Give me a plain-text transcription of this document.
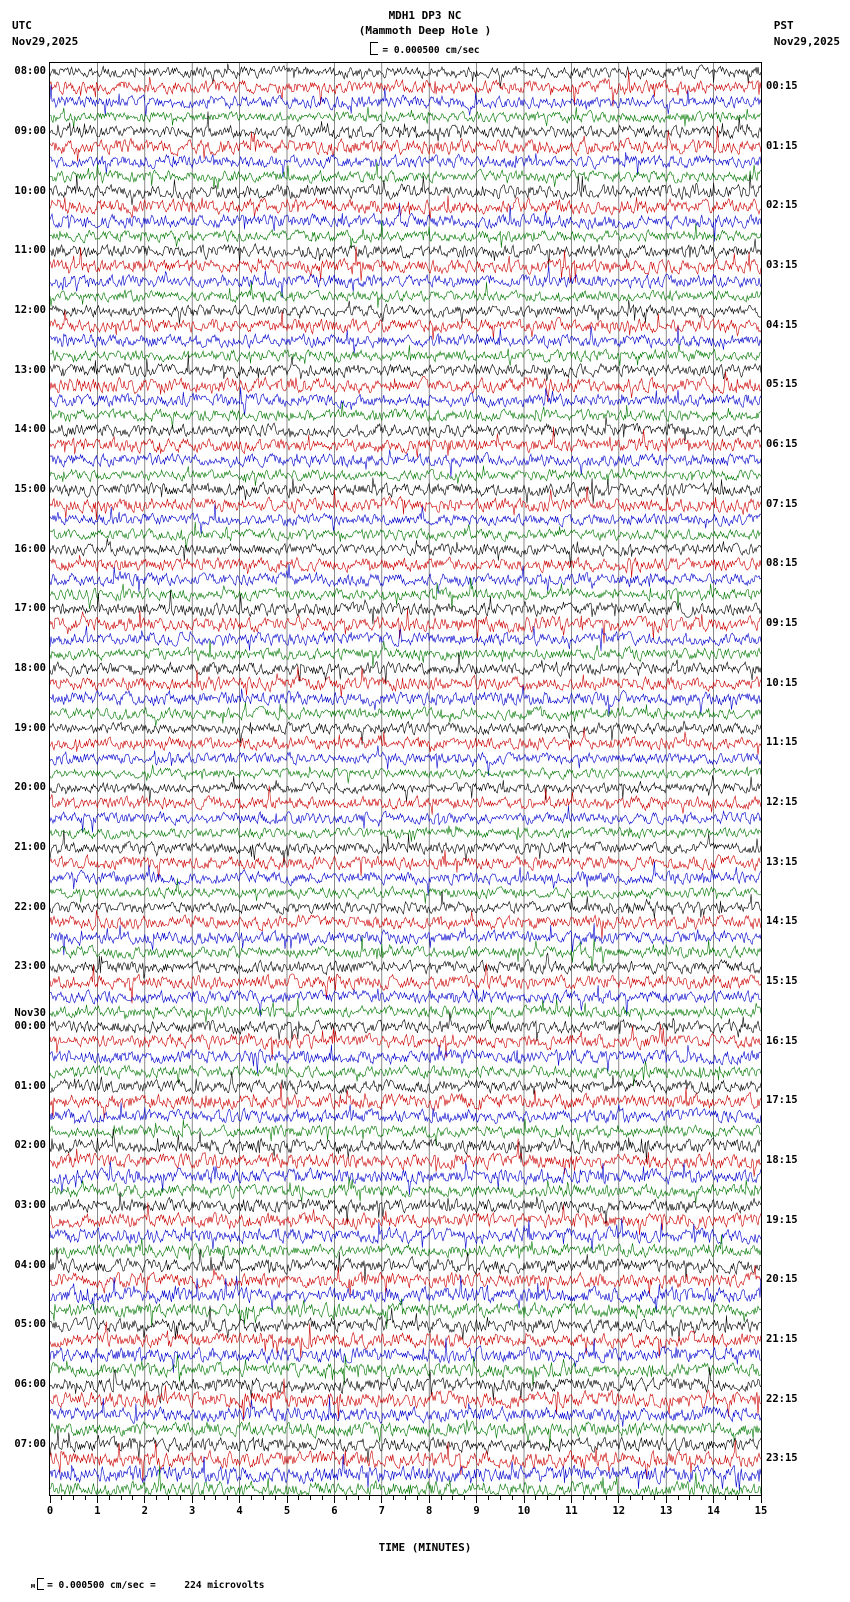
UTC
Nov29,2025
PST
Nov29,2025
MDH1 DP3 NC
(Mammoth Deep Hole )
= 0.000500 cm/sec
08:00
09:00
10:00
11:00
12:00
13:00
14:00
15:00
16:00
17:00
18:00
19:00
20:00
21:00
22:00
23:00
00:00
Nov30
01:00
02:00
03:00
04:00
05:00
06:00
07:00
00:15
01:15
02:15
03:15
04:15
05:15
06:15
07:15
08:15
09:15
10:15
11:15
12:15
13:15
14:15
15:15
16:15
17:15
18:15
19:15
20:15
21:15
22:15
23:15
0	1	2	3	4	5	6	7	8	9	10	11	12	13	14	15
TIME (MINUTES)

м = 0.000500 cm/sec =     224 microvolts
